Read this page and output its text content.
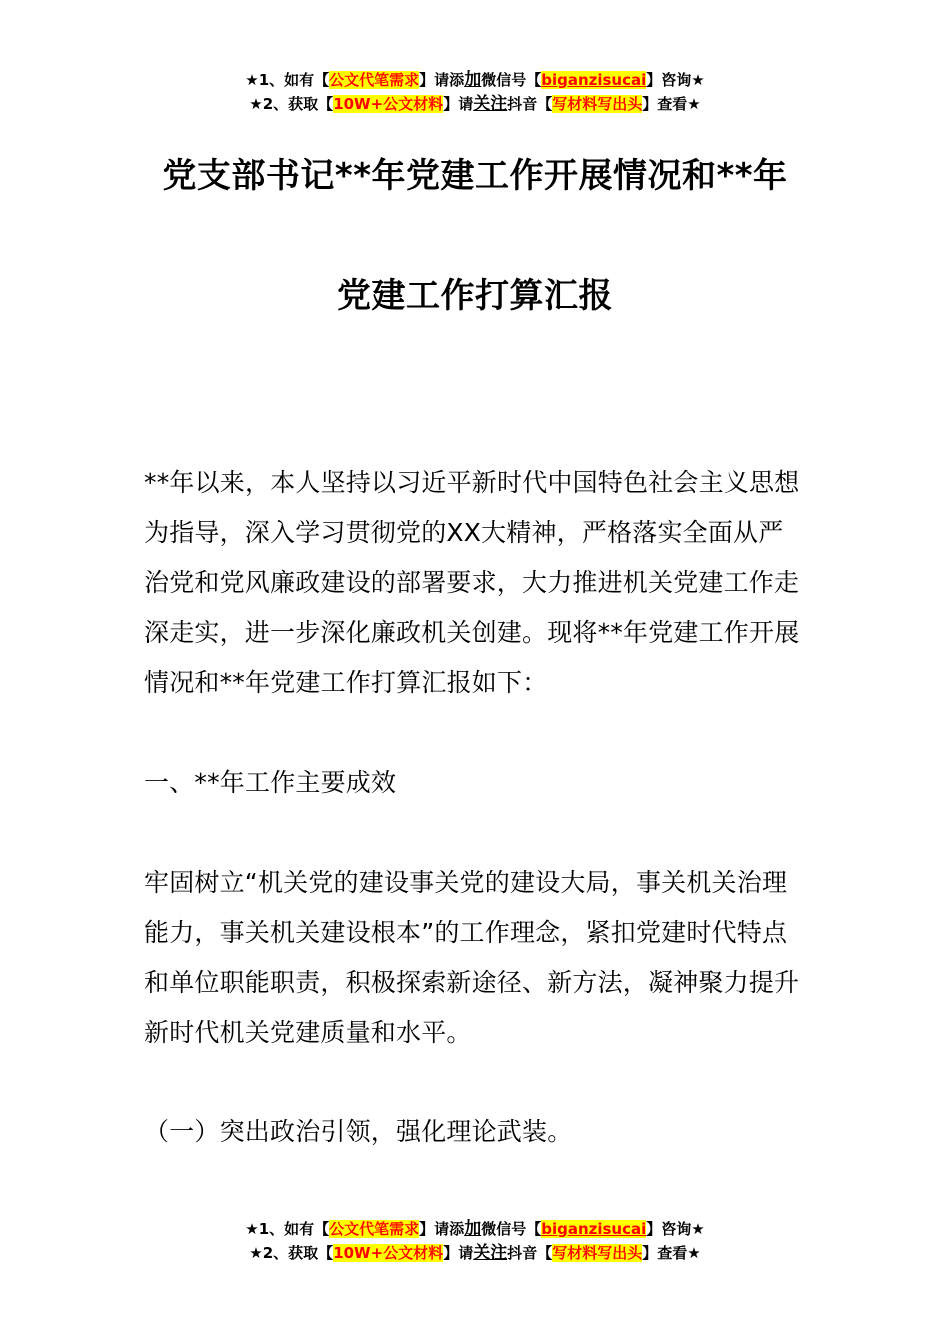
★1、如有【公文代笔需求】请添加微信号【biganzisucai】咨询★
★2、获取【10W+公文材料】请关注抖音【写材料写出头】查看★
党支部书记**年党建工作开展情况和**年
党建工作打算汇报
**年以来，本人坚持以习近平新时代中国特色社会主义思想为指导，深入学习贯彻党的XX大精神，严格落实全面从严治党和党风廉政建设的部署要求，大力推进机关党建工作走深走实，进一步深化廉政机关创建。现将**年党建工作开展情况和**年党建工作打算汇报如下：
一、**年工作主要成效
牢固树立“机关党的建设事关党的建设大局，事关机关治理能力，事关机关建设根本”的工作理念，紧扣党建时代特点和单位职能职责，积极探索新途径、新方法，凝神聚力提升新时代机关党建质量和水平。
（一）突出政治引领，强化理论武装。
★1、如有【公文代笔需求】请添加微信号【biganzisucai】咨询★
★2、获取【10W+公文材料】请关注抖音【写材料写出头】查看★
